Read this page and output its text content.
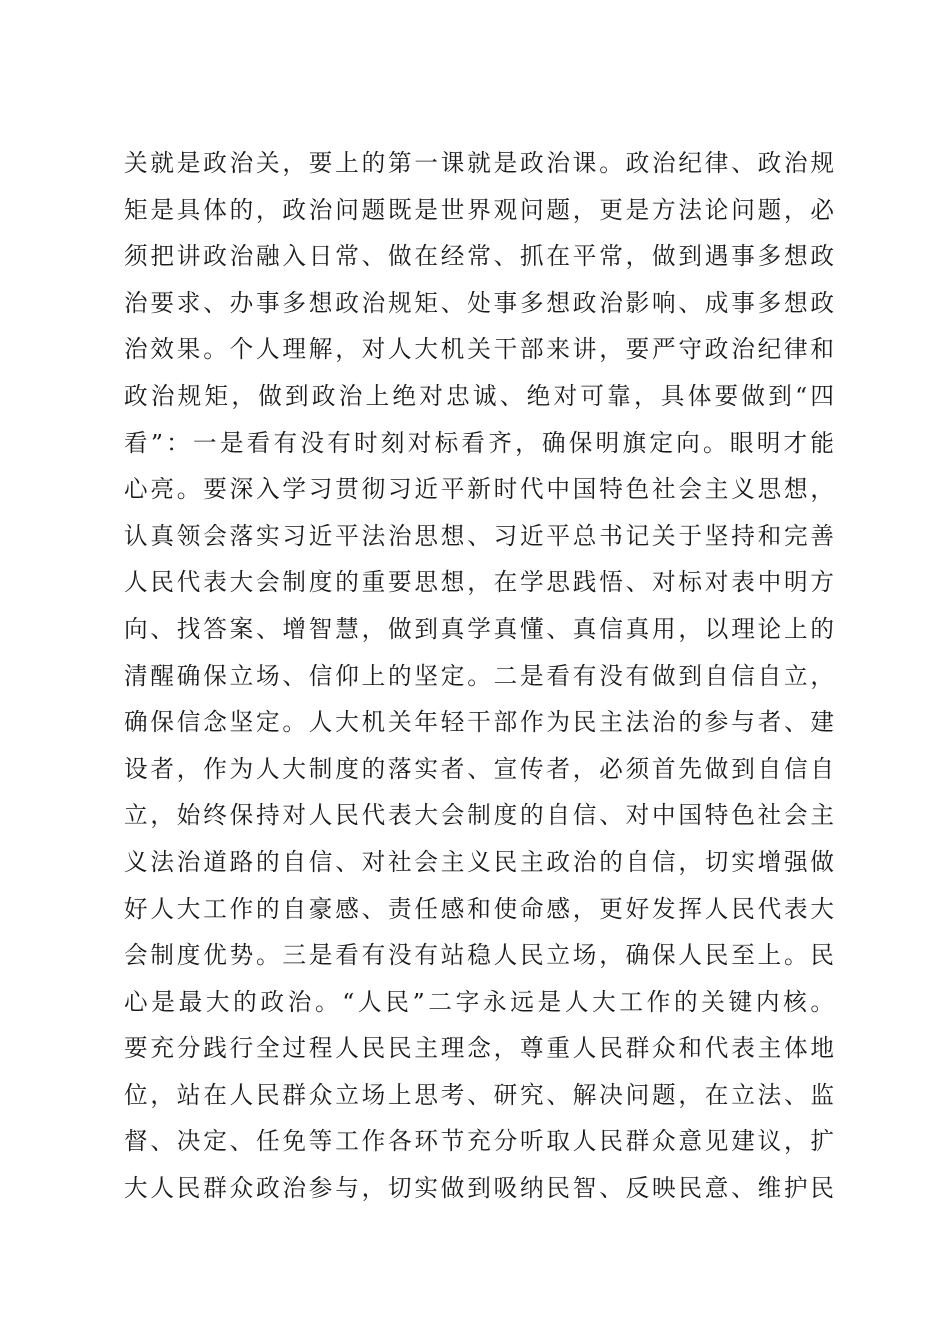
关就是政治关，要上的第一课就是政治课。政治纪律、政治规
矩是具体的，政治问题既是世界观问题，更是方法论问题，必
须把讲政治融入日常、做在经常、抓在平常，做到遇事多想政
治要求、办事多想政治规矩、处事多想政治影响、成事多想政
治效果。个人理解，对人大机关干部来讲，要严守政治纪律和
政治规矩，做到政治上绝对忠诚、绝对可靠，具体要做到“四
看”：一是看有没有时刻对标看齐，确保明旗定向。眼明才能
心亮。要深入学习贯彻习近平新时代中国特色社会主义思想，
认真领会落实习近平法治思想、习近平总书记关于坚持和完善
人民代表大会制度的重要思想，在学思践悟、对标对表中明方
向、找答案、增智慧，做到真学真懂、真信真用，以理论上的
清醒确保立场、信仰上的坚定。二是看有没有做到自信自立，
确保信念坚定。人大机关年轻干部作为民主法治的参与者、建
设者，作为人大制度的落实者、宣传者，必须首先做到自信自
立，始终保持对人民代表大会制度的自信、对中国特色社会主
义法治道路的自信、对社会主义民主政治的自信，切实增强做
好人大工作的自豪感、责任感和使命感，更好发挥人民代表大
会制度优势。三是看有没有站稳人民立场，确保人民至上。民
心是最大的政治。“人民”二字永远是人大工作的关键内核。
要充分践行全过程人民民主理念，尊重人民群众和代表主体地
位，站在人民群众立场上思考、研究、解决问题，在立法、监
督、决定、任免等工作各环节充分听取人民群众意见建议，扩
大人民群众政治参与，切实做到吸纳民智、反映民意、维护民
